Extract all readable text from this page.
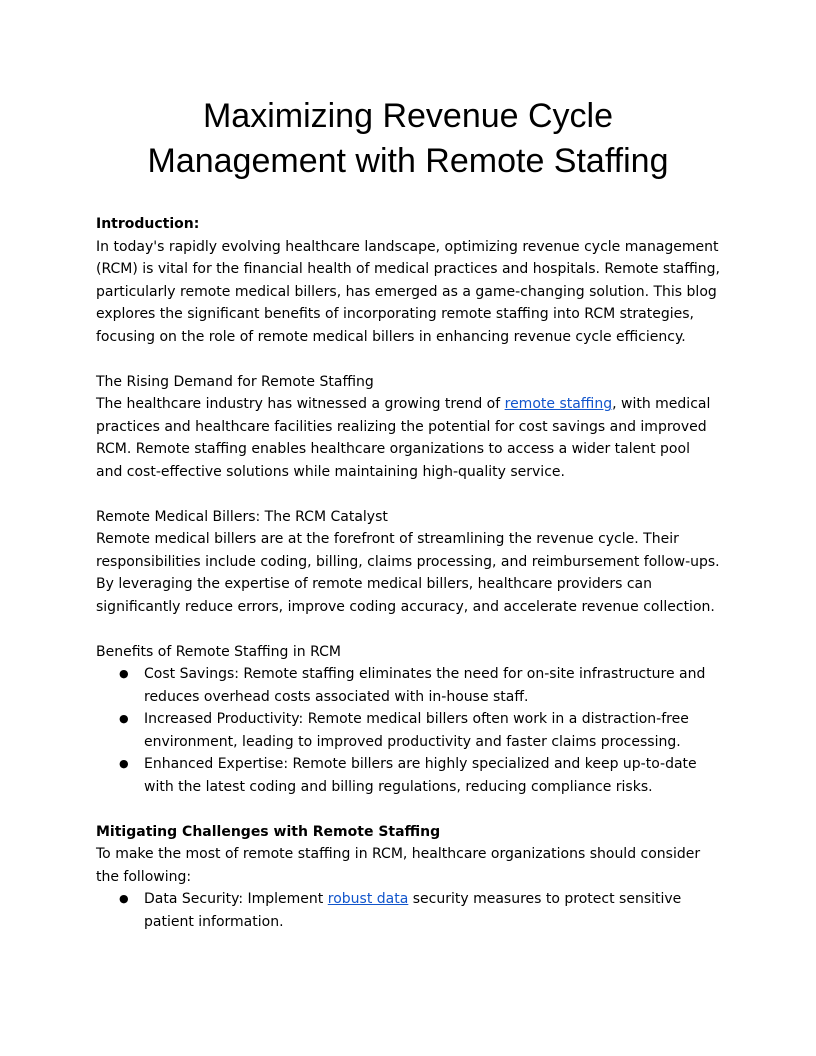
Maximizing Revenue Cycle
Management with Remote Staffing

Introduction:

In today's rapidly evolving healthcare landscape, optimizing revenue cycle management (RCM) is vital for the financial health of medical practices and hospitals. Remote staffing, particularly remote medical billers, has emerged as a game-changing solution. This blog explores the significant benefits of incorporating remote staffing into RCM strategies, focusing on the role of remote medical billers in enhancing revenue cycle efficiency.

The Rising Demand for Remote Staffing

The healthcare industry has witnessed a growing trend of remote staffing, with medical practices and healthcare facilities realizing the potential for cost savings and improved RCM. Remote staffing enables healthcare organizations to access a wider talent pool and cost-effective solutions while maintaining high-quality service.

Remote Medical Billers: The RCM Catalyst

Remote medical billers are at the forefront of streamlining the revenue cycle. Their responsibilities include coding, billing, claims processing, and reimbursement follow-ups. By leveraging the expertise of remote medical billers, healthcare providers can significantly reduce errors, improve coding accuracy, and accelerate revenue collection.

Benefits of Remote Staffing in RCM

● Cost Savings: Remote staffing eliminates the need for on-site infrastructure and reduces overhead costs associated with in-house staff.
● Increased Productivity: Remote medical billers often work in a distraction-free environment, leading to improved productivity and faster claims processing.
● Enhanced Expertise: Remote billers are highly specialized and keep up-to-date with the latest coding and billing regulations, reducing compliance risks.

Mitigating Challenges with Remote Staffing

To make the most of remote staffing in RCM, healthcare organizations should consider the following:

● Data Security: Implement robust data security measures to protect sensitive patient information.
